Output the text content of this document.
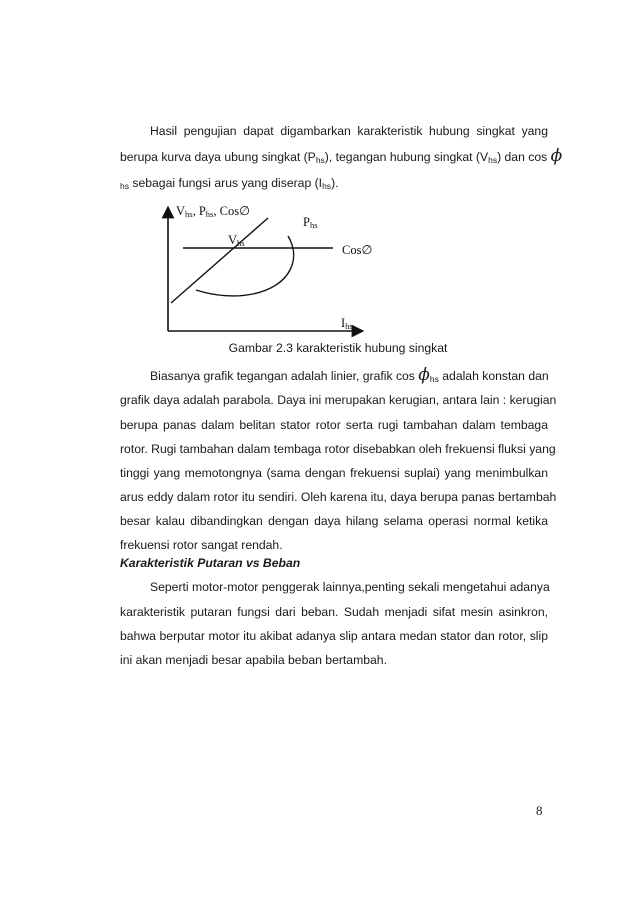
Hasil pengujian dapat digambarkan karakteristik hubung singkat yang

berupa kurva daya ubung singkat $(P_{hs})$, tegangan hubung singkat $(V_{hs})$ dan cos ϕ

$_{hs}$ sebagai fungsi arus yang diserap $(I_{hs})$.

Vhs, Phs, Cos∅
Phs
Vhs	Cos∅
Ihs

Gambar 2.3 karakteristik hubung singkat

Biasanya grafik tegangan adalah linier, grafik $\cos \phi_{hs}$ adalah konstan dan

grafik daya adalah parabola. Daya ini merupakan kerugian, antara lain : kerugian

berupa panas dalam belitan stator rotor serta rugi tambahan dalam tembaga

rotor. Rugi tambahan dalam tembaga rotor disebabkan oleh frekuensi fluksi yang

tinggi yang memotongnya (sama dengan frekuensi suplai) yang menimbulkan

arus eddy dalam rotor itu sendiri. Oleh karena itu, daya berupa panas bertambah

besar kalau dibandingkan dengan daya hilang selama operasi normal ketika

frekuensi rotor sangat rendah.

Karakteristik Putaran vs Beban

Seperti motor-motor penggerak lainnya,penting sekali mengetahui adanya

karakteristik putaran fungsi dari beban. Sudah menjadi sifat mesin asinkron,

bahwa berputar motor itu akibat adanya slip antara medan stator dan rotor, slip

ini akan menjadi besar apabila beban bertambah.

8
